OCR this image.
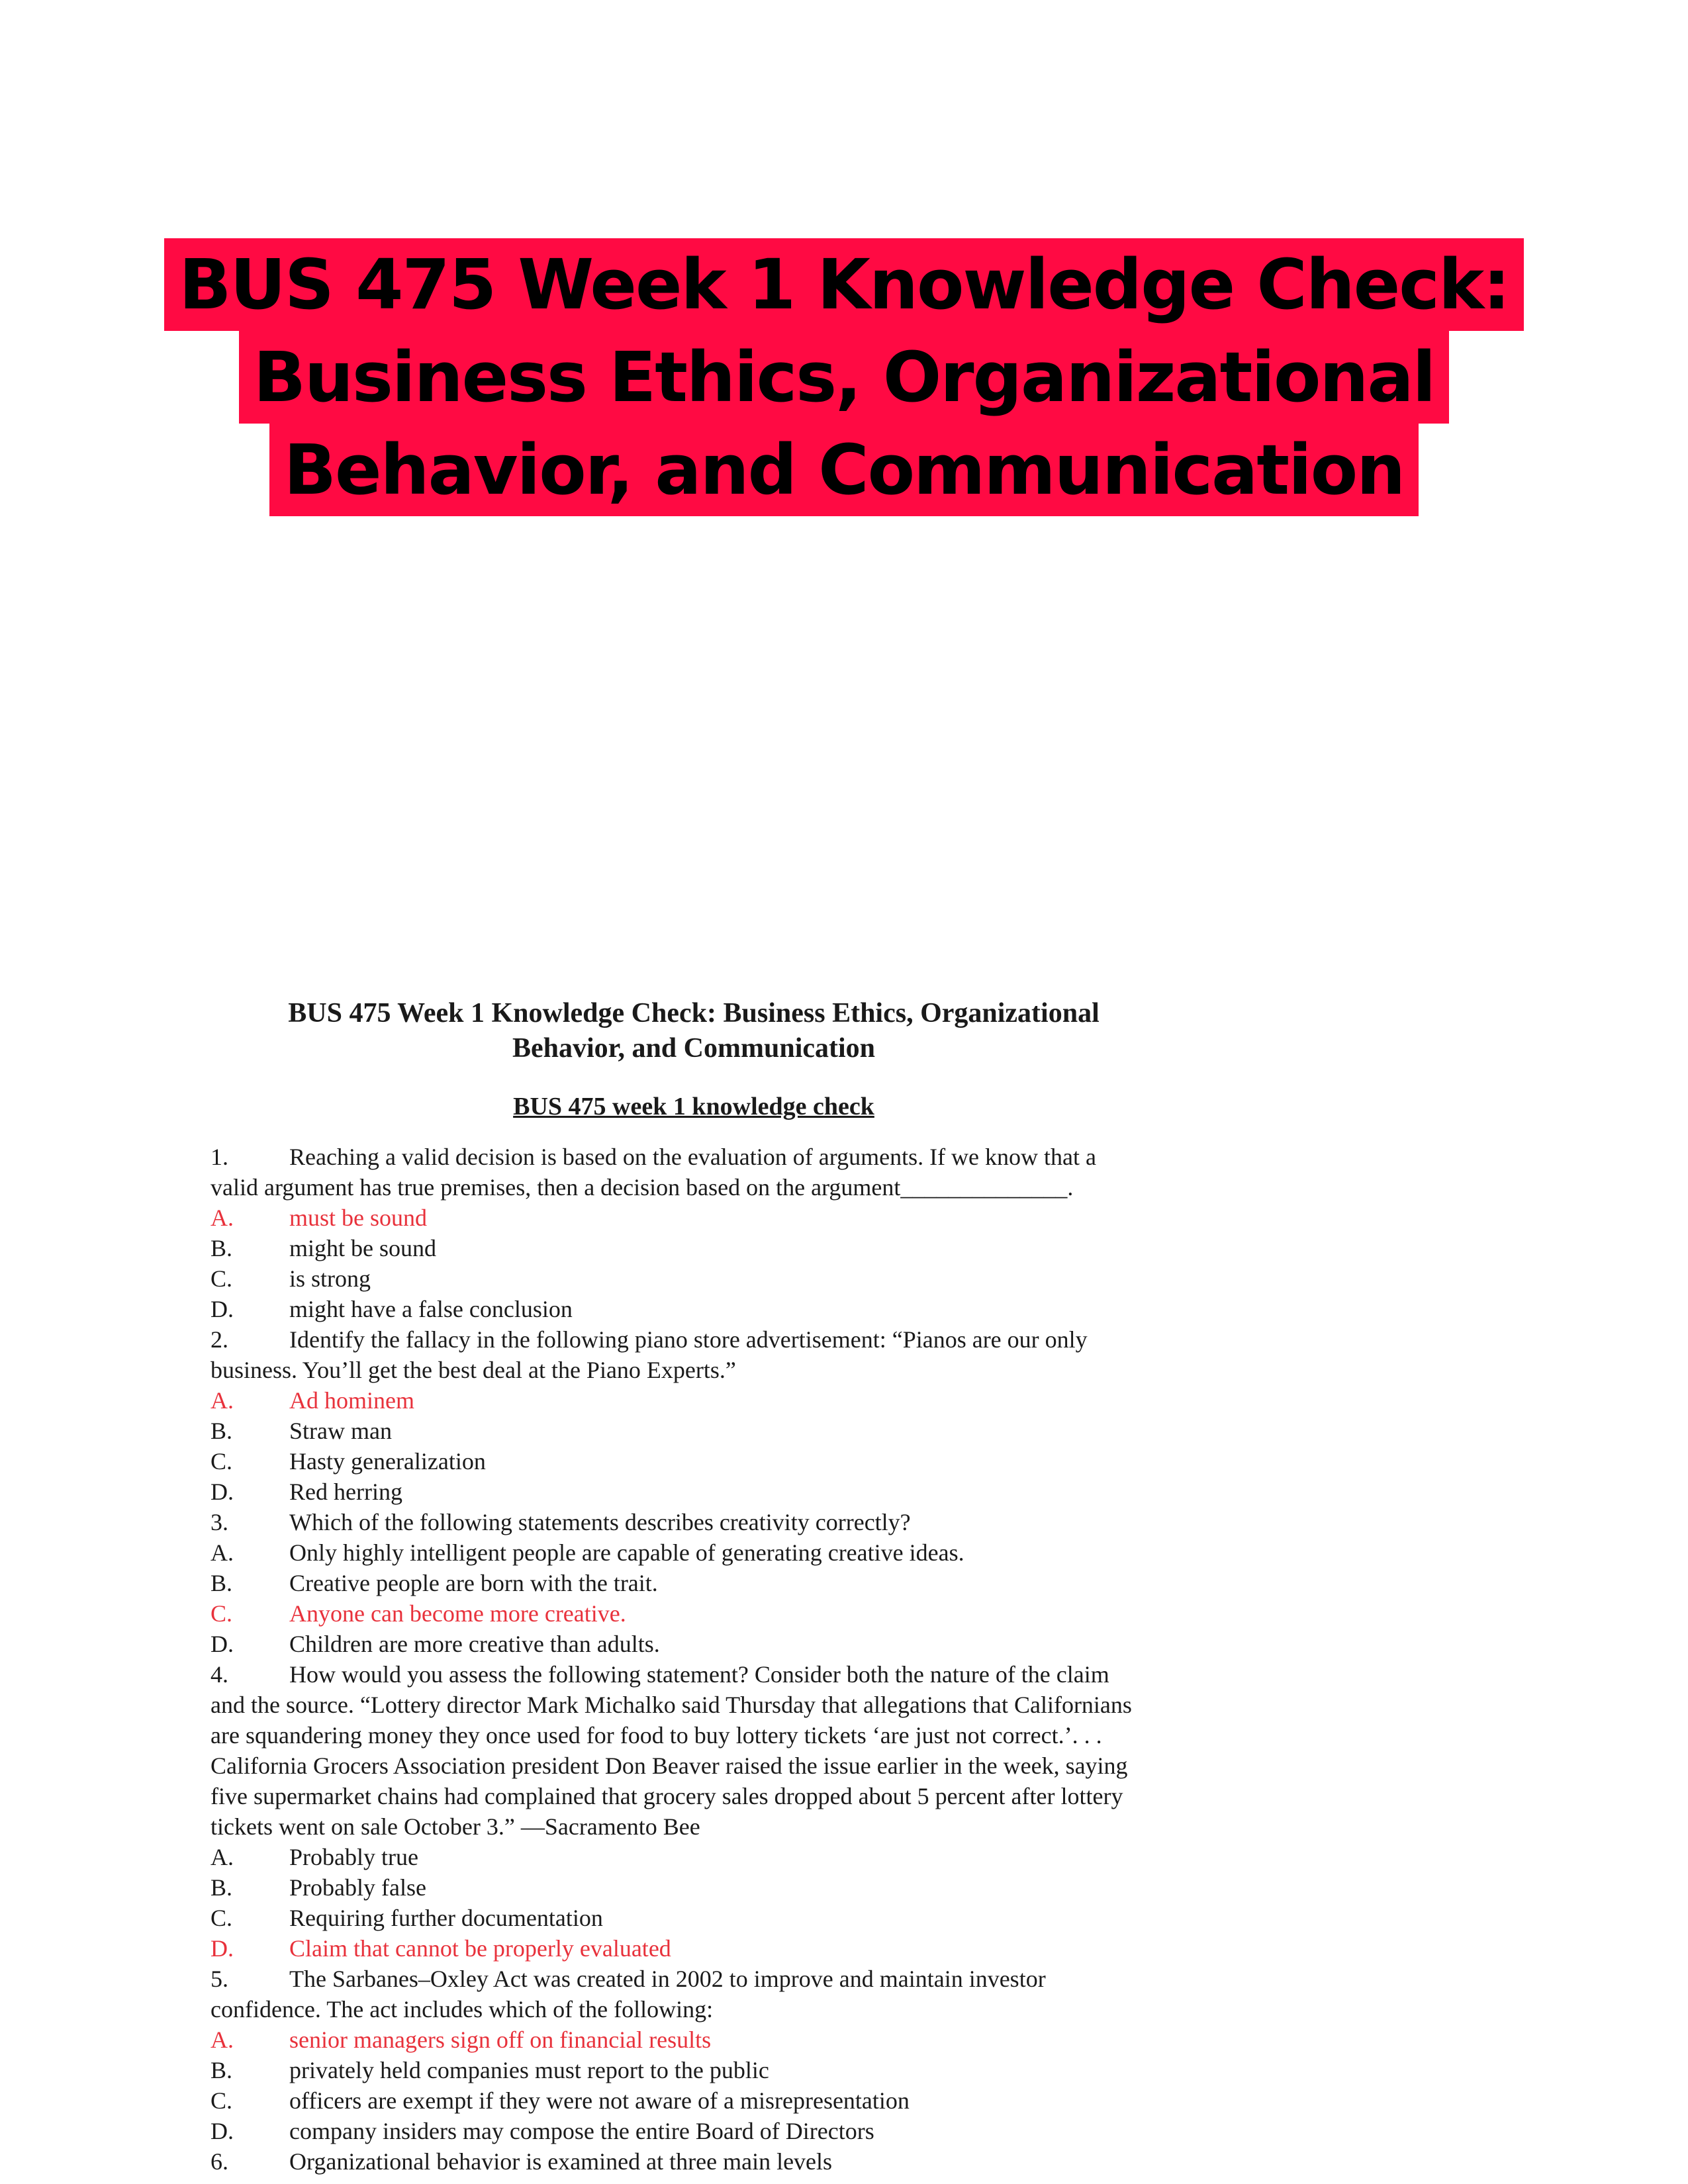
BUS 475 Week 1 Knowledge Check:
Business Ethics, Organizational
Behavior, and Communication
BUS 475 Week 1 Knowledge Check: Business Ethics, Organizational
Behavior, and Communication
BUS 475 week 1 knowledge check

1.	Reaching a valid decision is based on the evaluation of arguments. If we know that a

valid argument has true premises, then a decision based on the argument______________.

A. must be sound

B. might be sound

C. is strong

D. might have a false conclusion

2.	Identify the fallacy in the following piano store advertisement: “Pianos are our only

business. You’ll get the best deal at the Piano Experts.”

A. Ad hominem

B. Straw man

C. Hasty generalization

D. Red herring

3.	Which of the following statements describes creativity correctly?

A. Only highly intelligent people are capable of generating creative ideas.

B. Creative people are born with the trait.

C. Anyone can become more creative.

D. Children are more creative than adults.

4.	How would you assess the following statement? Consider both the nature of the claim

and the source. “Lottery director Mark Michalko said Thursday that allegations that Californians

are squandering money they once used for food to buy lottery tickets ‘are just not correct.’. . .

California Grocers Association president Don Beaver raised the issue earlier in the week, saying

five supermarket chains had complained that grocery sales dropped about 5 percent after lottery

tickets went on sale October 3.” —Sacramento Bee

A. Probably true

B. Probably false

C. Requiring further documentation

D. Claim that cannot be properly evaluated

5.	The Sarbanes–Oxley Act was created in 2002 to improve and maintain investor

confidence. The act includes which of the following:

A. senior managers sign off on financial results

B. privately held companies must report to the public

C. officers are exempt if they were not aware of a misrepresentation

D. company insiders may compose the entire Board of Directors

6.	Organizational behavior is examined at three main levels
